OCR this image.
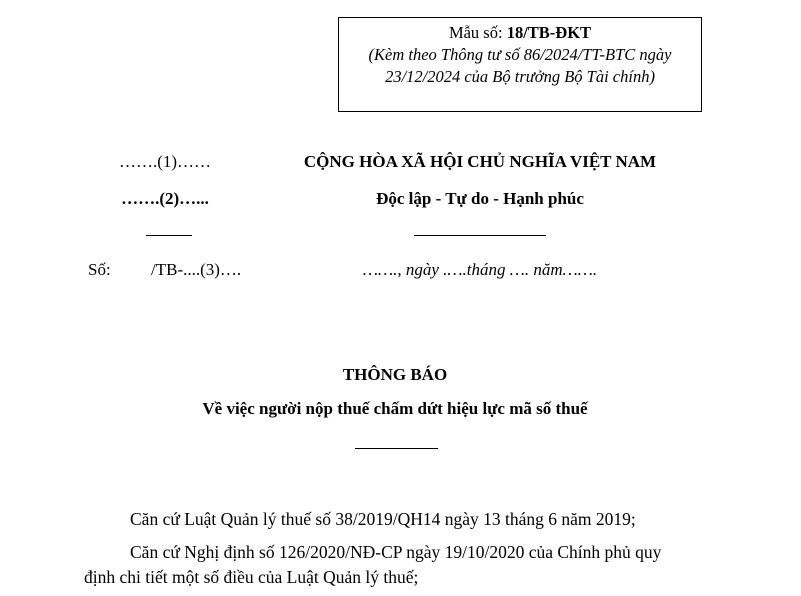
Mẫu số: 18/TB-ĐKT
(Kèm theo Thông tư số 86/2024/TT-BTC ngày
23/12/2024 của Bộ trưởng Bộ Tài chính)
…….(1)……
…….(2)…...
Số: /TB-....(3)….
CỘNG HÒA XÃ HỘI CHỦ NGHĨA VIỆT NAM
Độc lập - Tự do - Hạnh phúc
……., ngày .….tháng …. năm…….
THÔNG BÁO
Về việc người nộp thuế chấm dứt hiệu lực mã số thuế
Căn cứ Luật Quản lý thuế số 38/2019/QH14 ngày 13 tháng 6 năm 2019;
Căn cứ Nghị định số 126/2020/NĐ-CP ngày 19/10/2020 của Chính phủ quy
định chi tiết một số điều của Luật Quản lý thuế;
